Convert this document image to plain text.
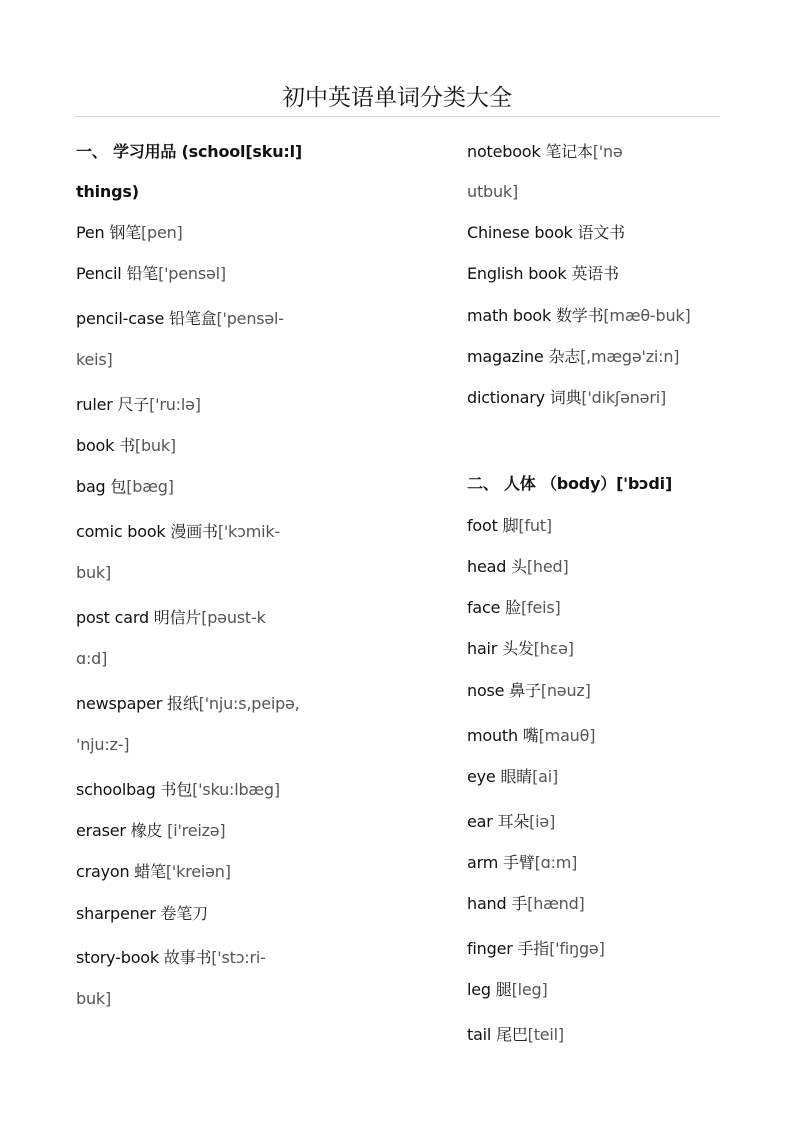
初中英语单词分类大全
一、 学习用品 (school[sku:l]
things)
Pen 钢笔[pen]
Pencil 铅笔['pensəl]
pencil-case 铅笔盒['pensəl-
keis]
ruler 尺子['ru:lə]
book 书[buk]
bag 包[bæg]
comic book 漫画书['kɔmik-
buk]
post card 明信片[pəust-k
ɑ:d]
newspaper 报纸['nju:s,peipə,
'nju:z-]
schoolbag 书包['sku:lbæg]
eraser 橡皮 [i'reizə]
crayon 蜡笔['kreiən]
sharpener 卷笔刀
story-book 故事书['stɔ:ri-
buk]
notebook 笔记本['nə
utbuk]
Chinese book 语文书
English book 英语书
math book 数学书[mæθ-buk]
magazine 杂志[,mægə'zi:n]
dictionary 词典['dikʃənəri]
二、 人体 （body）['bɔdi]
foot 脚[fut]
head 头[hed]
face 脸[feis]
hair 头发[hεə]
nose 鼻子[nəuz]
mouth 嘴[mauθ]
eye 眼睛[ai]
ear 耳朵[iə]
arm 手臂[ɑ:m]
hand 手[hænd]
finger 手指['fiŋgə]
leg 腿[leg]
tail 尾巴[teil]
